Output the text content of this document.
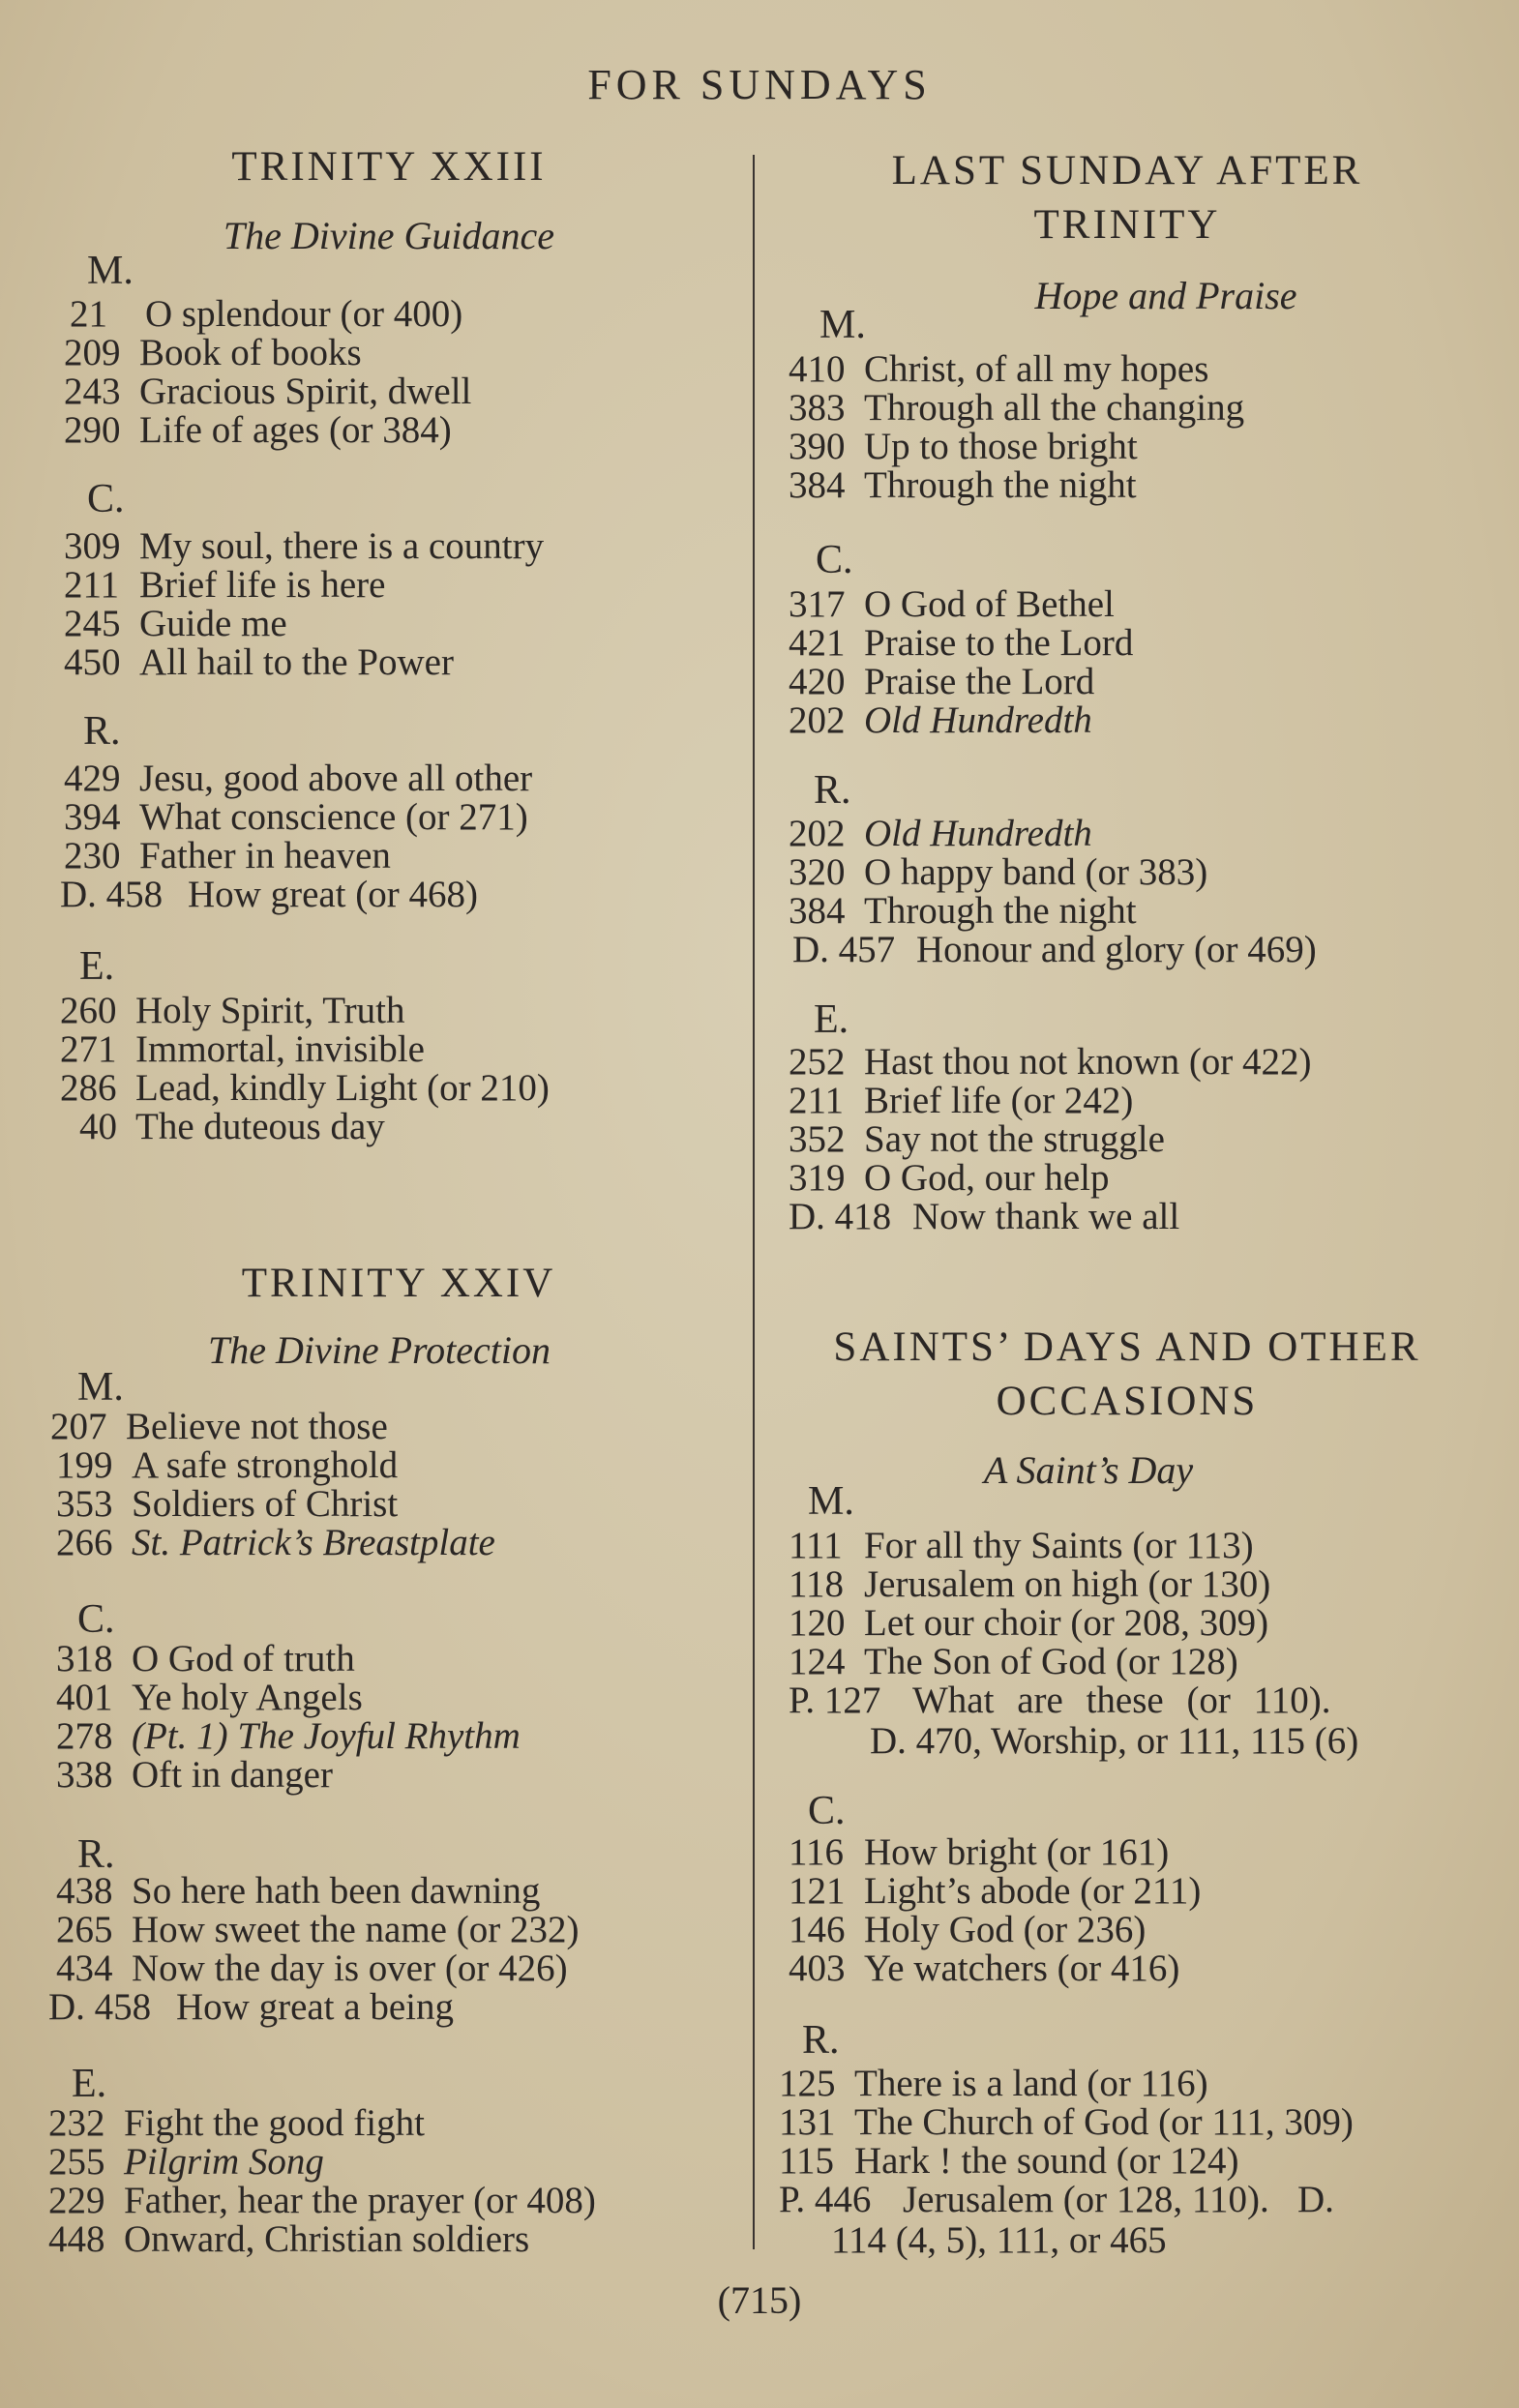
FOR SUNDAYS
TRINITY XXIII
The Divine Guidance
M.
21 O splendour (or 400)
209 Book of books
243 Gracious Spirit, dwell
290 Life of ages (or 384)
C.
309 My soul, there is a country
211 Brief life is here
245 Guide me
450 All hail to the Power
R.
429 Jesu, good above all other
394 What conscience (or 271)
230 Father in heaven
D. 458 How great (or 468)
E.
260 Holy Spirit, Truth
271 Immortal, invisible
286 Lead, kindly Light (or 210)
40 The duteous day
TRINITY XXIV
The Divine Protection
M.
207 Believe not those
199 A safe stronghold
353 Soldiers of Christ
266 St. Patrick’s Breastplate
C.
318 O God of truth
401 Ye holy Angels
278 (Pt. 1) The Joyful Rhythm
338 Oft in danger
R.
438 So here hath been dawning
265 How sweet the name (or 232)
434 Now the day is over (or 426)
D. 458 How great a being
E.
232 Fight the good fight
255 Pilgrim Song
229 Father, hear the prayer (or 408)
448 Onward, Christian soldiers
LAST SUNDAY AFTER
TRINITY
Hope and Praise
M.
410 Christ, of all my hopes
383 Through all the changing
390 Up to those bright
384 Through the night
C.
317 O God of Bethel
421 Praise to the Lord
420 Praise the Lord
202 Old Hundredth
R.
202 Old Hundredth
320 O happy band (or 383)
384 Through the night
D. 457 Honour and glory (or 469)
E.
252 Hast thou not known (or 422)
211 Brief life (or 242)
352 Say not the struggle
319 O God, our help
D. 418 Now thank we all
SAINTS’ DAYS AND OTHER
OCCASIONS
A Saint’s Day
M.
111 For all thy Saints (or 113)
118 Jerusalem on high (or 130)
120 Let our choir (or 208, 309)
124 The Son of God (or 128)
P. 127 What are these (or 110).
D. 470, Worship, or 111, 115 (6)
C.
116 How bright (or 161)
121 Light’s abode (or 211)
146 Holy God (or 236)
403 Ye watchers (or 416)
R.
125 There is a land (or 116)
131 The Church of God (or 111, 309)
115 Hark ! the sound (or 124)
P. 446 Jerusalem (or 128, 110).   D.
114 (4, 5), 111, or 465
(715)
